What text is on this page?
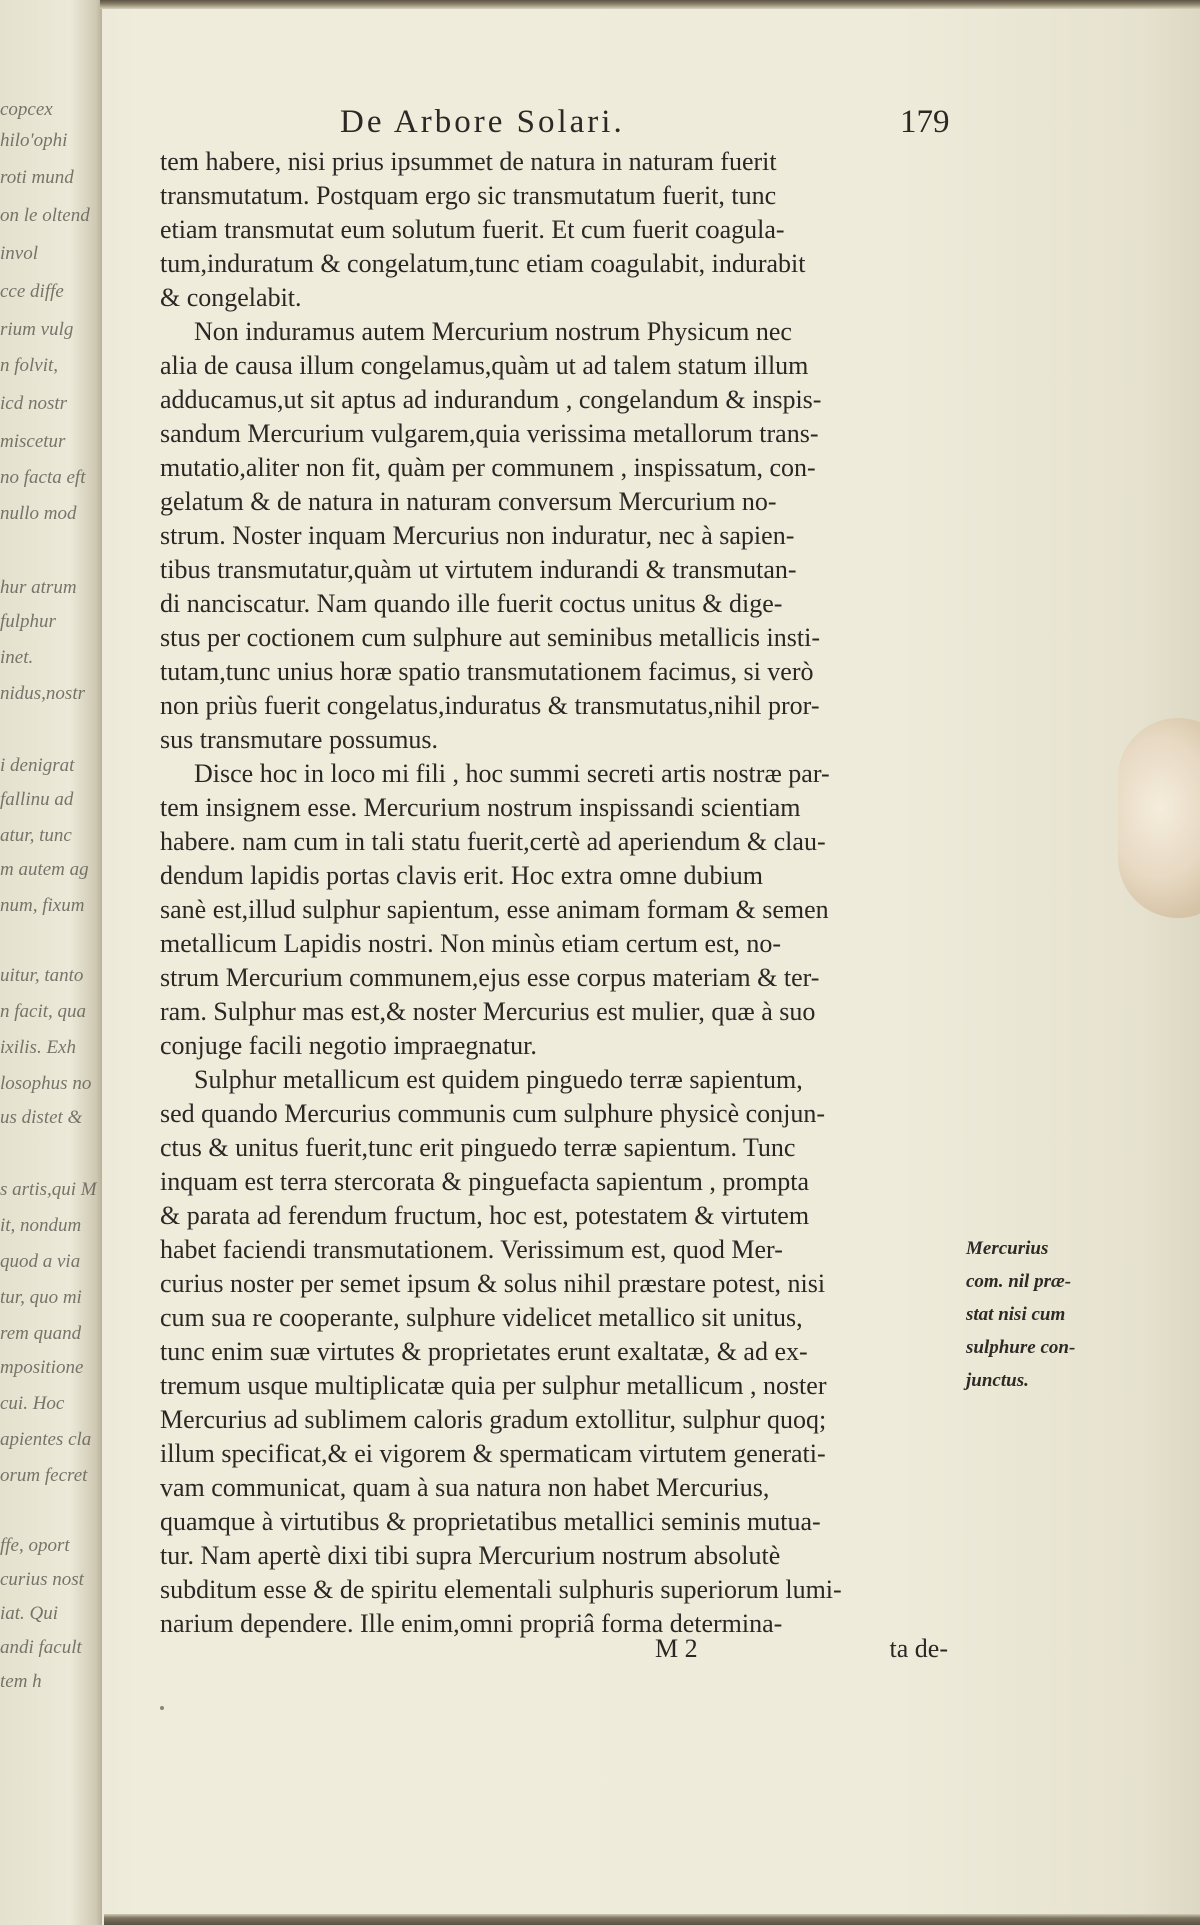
copcex
hilo'ophi
roti mund
on le oltend
invol
cce diffe
rium vulg
n folvit,
icd nostr
miscetur
no facta eft
nullo mod
hur atrum
fulphur
inet.
nidus,nostr
i denigrat
fallinu ad
atur, tunc
m autem ag
num, fixum
uitur, tanto
n facit, qua
ixilis. Exh
losophus no
us distet &
s artis,qui M
it, nondum
quod a via
tur, quo mi
rem quand
mpositione
cui. Hoc
apientes cla
orum fecret
ffe, oport
curius nost
iat. Qui
andi facult
tem h
De Arbore Solari.	179
tem habere, nisi prius ipsummet de natura in naturam fuerit
transmutatum. Postquam ergo sic transmutatum fuerit, tunc
etiam transmutat eum solutum fuerit. Et cum fuerit coagula-
tum,induratum & congelatum,tunc etiam coagulabit, indurabit
& congelabit.
Non induramus autem Mercurium nostrum Physicum nec
alia de causa illum congelamus,quàm ut ad talem statum illum
adducamus,ut sit aptus ad indurandum , congelandum & inspis-
sandum Mercurium vulgarem,quia verissima metallorum trans-
mutatio,aliter non fit, quàm per communem , inspissatum, con-
gelatum & de natura in naturam conversum Mercurium no-
strum. Noster inquam Mercurius non induratur, nec à sapien-
tibus transmutatur,quàm ut virtutem indurandi & transmutan-
di nanciscatur. Nam quando ille fuerit coctus unitus & dige-
stus per coctionem cum sulphure aut seminibus metallicis insti-
tutam,tunc unius horæ spatio transmutationem facimus, si verò
non priùs fuerit congelatus,induratus & transmutatus,nihil pror-
sus transmutare possumus.
Disce hoc in loco mi fili , hoc summi secreti artis nostræ par-
tem insignem esse. Mercurium nostrum inspissandi scientiam
habere. nam cum in tali statu fuerit,certè ad aperiendum & clau-
dendum lapidis portas clavis erit. Hoc extra omne dubium
sanè est,illud sulphur sapientum, esse animam formam & semen
metallicum Lapidis nostri. Non minùs etiam certum est, no-
strum Mercurium communem,ejus esse corpus materiam & ter-
ram. Sulphur mas est,& noster Mercurius est mulier, quæ à suo
conjuge facili negotio impraegnatur.
Sulphur metallicum est quidem pinguedo terræ sapientum,
sed quando Mercurius communis cum sulphure physicè conjun-
ctus & unitus fuerit,tunc erit pinguedo terræ sapientum. Tunc
inquam est terra stercorata & pinguefacta sapientum , prompta
& parata ad ferendum fructum, hoc est, potestatem & virtutem
habet faciendi transmutationem. Verissimum est, quod Mer-
curius noster per semet ipsum & solus nihil præstare potest, nisi
cum sua re cooperante, sulphure videlicet metallico sit unitus,
tunc enim suæ virtutes & proprietates erunt exaltatæ, & ad ex-
tremum usque multiplicatæ quia per sulphur metallicum , noster
Mercurius ad sublimem caloris gradum extollitur, sulphur quoq;
illum specificat,& ei vigorem & spermaticam virtutem generati-
vam communicat, quam à sua natura non habet Mercurius,
quamque à virtutibus & proprietatibus metallici seminis mutua-
tur. Nam apertè dixi tibi supra Mercurium nostrum absolutè
subditum esse & de spiritu elementali sulphuris superiorum lumi-
narium dependere. Ille enim,omni propriâ forma determina-
M 2	ta de-
Mercurius
com. nil præ-
stat nisi cum
sulphure con-
junctus.
